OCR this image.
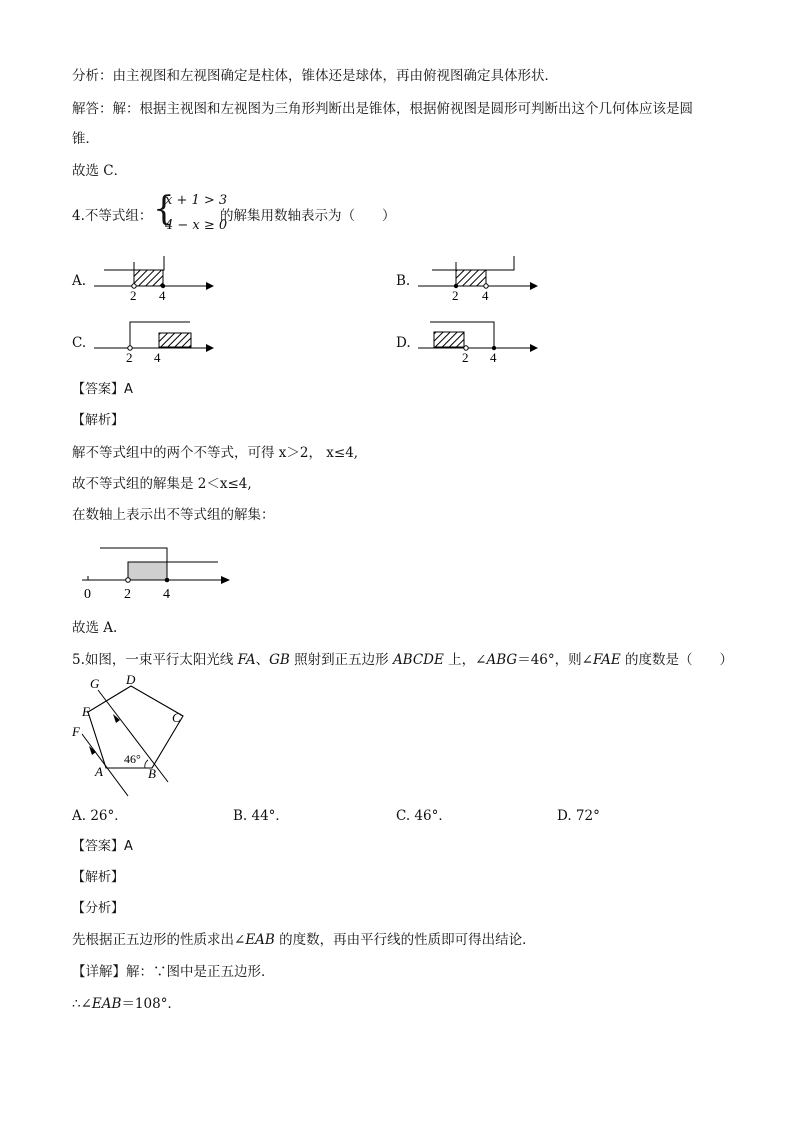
分析：由主视图和左视图确定是柱体，锥体还是球体，再由俯视图确定具体形状．
解答：解：根据主视图和左视图为三角形判断出是锥体，根据俯视图是圆形可判断出这个几何体应该是圆
锥．
故选 C．
4.不等式组： {
x + 1 > 3
4 − x ≥ 0
的解集用数轴表示为（　　）
A.
2 4
B.
2 4
C.
2 4
D.
2 4
【答案】A
【解析】
解不等式组中的两个不等式，可得 x＞2， x≤4,
故不等式组的解集是 2＜x≤4,
在数轴上表示出不等式组的解集：
0 2 4
故选 A.
5.如图，一束平行太阳光线 FA、GB 照射到正五边形 ABCDE 上，∠ABG＝46°，则∠FAE 的度数是（　　）
46°
G D
E	C
F
A	B
A. 26°．	B. 44°．	C. 46°．	D. 72°
【答案】A
【解析】
【分析】
先根据正五边形的性质求出∠EAB 的度数，再由平行线的性质即可得出结论．
【详解】解：∵图中是正五边形．
∴∠EAB＝108°．
